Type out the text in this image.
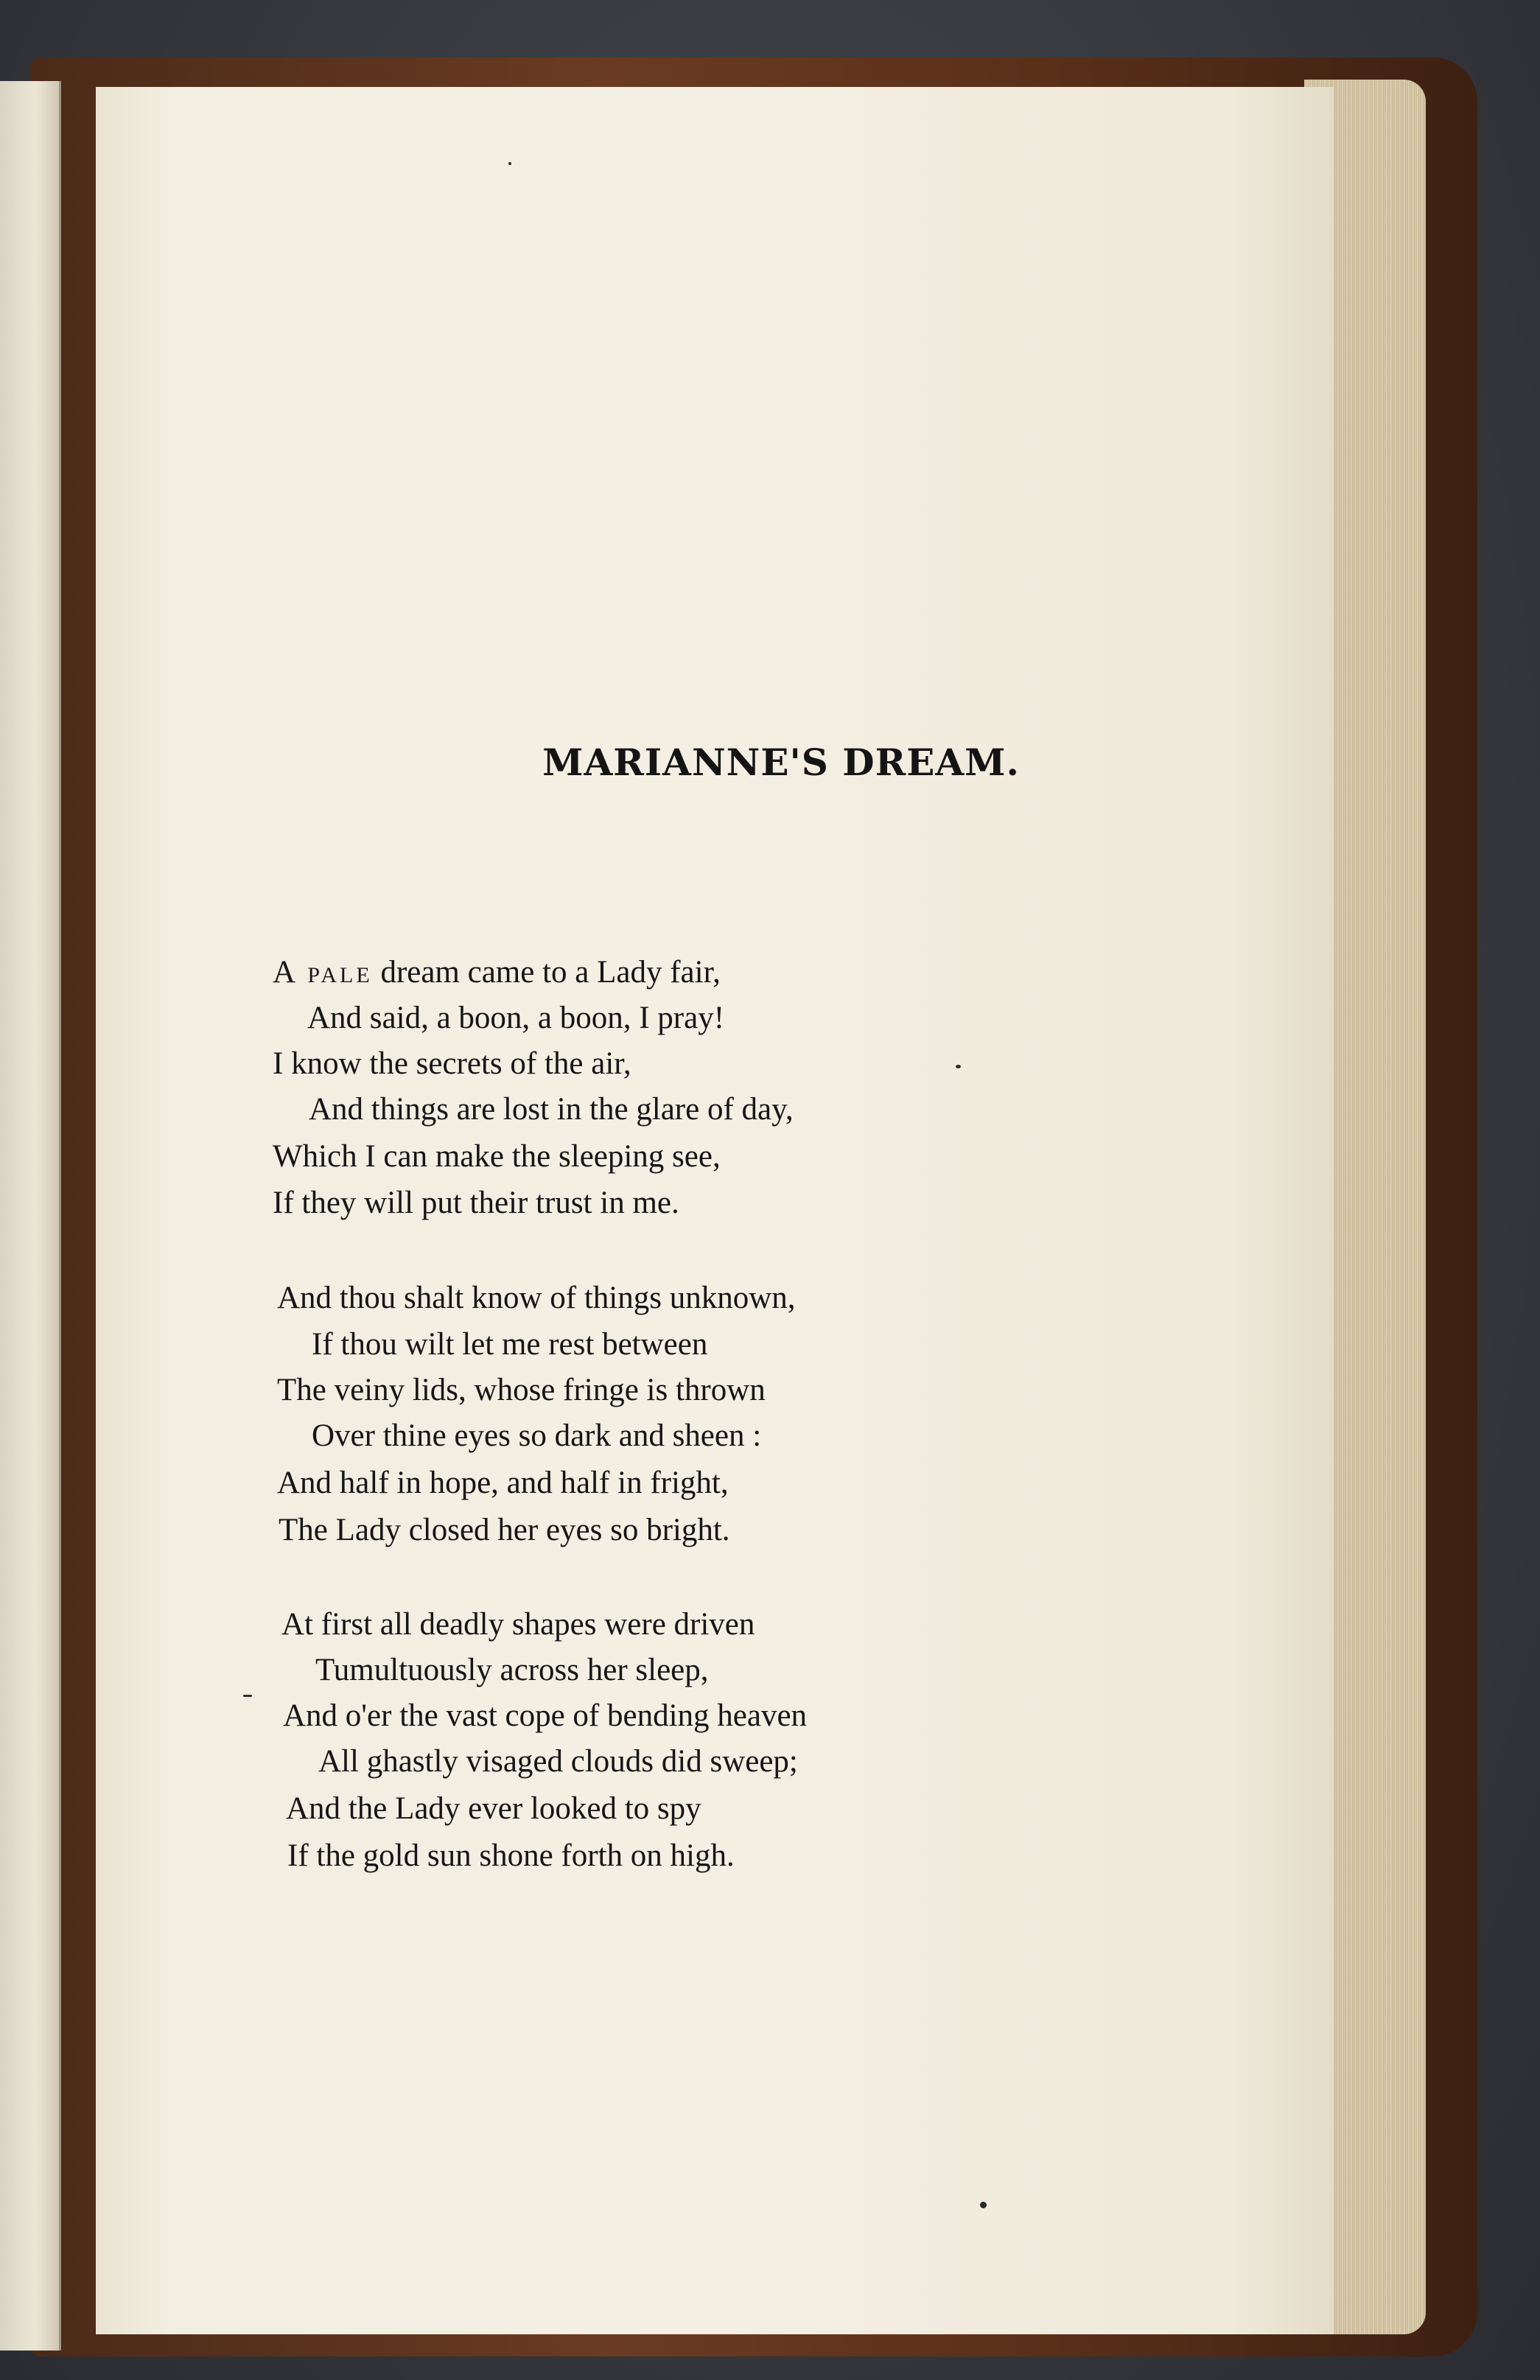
MARIANNE'S DREAM.
A pale dream came to a Lady fair,
And said, a boon, a boon, I pray!
I know the secrets of the air,
And things are lost in the glare of day,
Which I can make the sleeping see,
If they will put their trust in me.
And thou shalt know of things unknown,
If thou wilt let me rest between
The veiny lids, whose fringe is thrown
Over thine eyes so dark and sheen :
And half in hope, and half in fright,
The Lady closed her eyes so bright.
At first all deadly shapes were driven
Tumultuously across her sleep,
And o'er the vast cope of bending heaven
All ghastly visaged clouds did sweep;
And the Lady ever looked to spy
If the gold sun shone forth on high.
